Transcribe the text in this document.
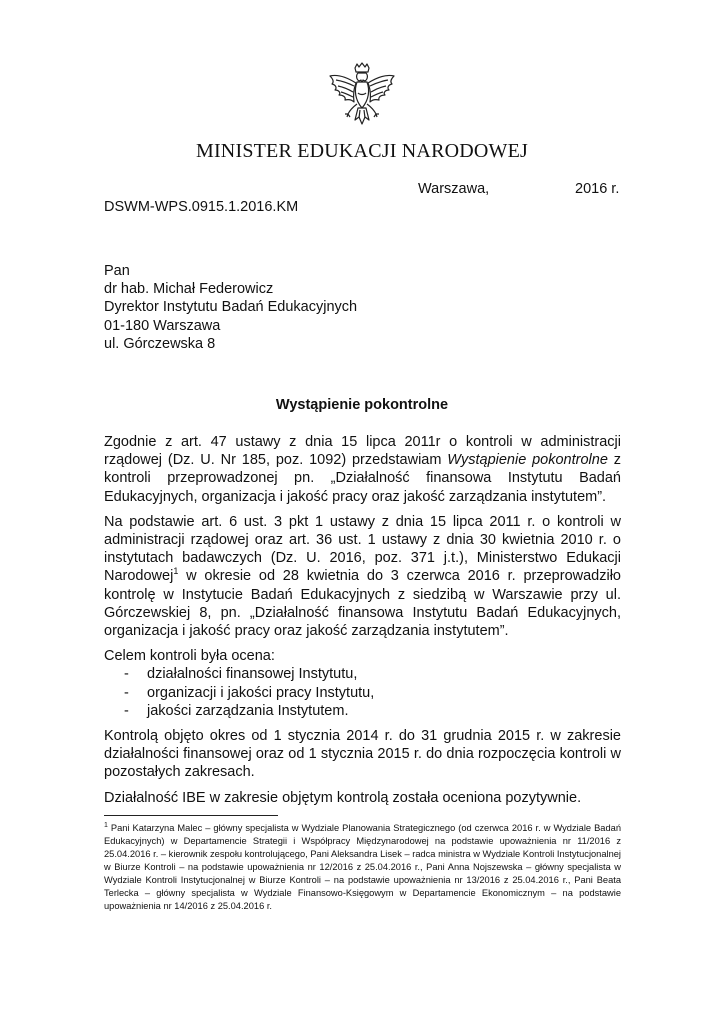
MINISTER EDUKACJI NARODOWEJ
Warszawa,	2016 r.
DSWM-WPS.0915.1.2016.KM
Pan
dr hab. Michał Federowicz
Dyrektor Instytutu Badań Edukacyjnych
01-180 Warszawa
ul. Górczewska 8
Wystąpienie pokontrolne

Zgodnie z art. 47 ustawy z dnia 15 lipca 2011r o kontroli w administracji rządowej (Dz. U. Nr 185, poz. 1092) przedstawiam Wystąpienie pokontrolne z kontroli przeprowadzonej pn. „Działalność finansowa Instytutu Badań Edukacyjnych, organizacja i jakość pracy oraz jakość zarządzania instytutem”.

Na podstawie art. 6 ust. 3 pkt 1 ustawy z dnia 15 lipca 2011 r. o kontroli w administracji rządowej oraz art. 36 ust. 1 ustawy z dnia 30 kwietnia 2010 r. o instytutach badawczych (Dz. U. 2016, poz. 371 j.t.), Ministerstwo Edukacji Narodowej$^1$ w okresie od 28 kwietnia do 3 czerwca 2016 r. przeprowadziło kontrolę w Instytucie Badań Edukacyjnych z siedzibą w Warszawie przy ul. Górczewskiej 8, pn. „Działalność finansowa Instytutu Badań Edukacyjnych, organizacja i jakość pracy oraz jakość zarządzania instytutem”.

Celem kontroli była ocena:

- działalności finansowej Instytutu,
- organizacji i jakości pracy Instytutu,
- jakości zarządzania Instytutem.

Kontrolą objęto okres od 1 stycznia 2014 r. do 31 grudnia 2015 r. w zakresie działalności finansowej oraz od 1 stycznia 2015 r. do dnia rozpoczęcia kontroli w pozostałych zakresach.

Działalność IBE w zakresie objętym kontrolą została oceniona pozytywnie.

$^1$ Pani Katarzyna Malec – główny specjalista w Wydziale Planowania Strategicznego (od czerwca 2016 r. w Wydziale Badań Edukacyjnych) w Departamencie Strategii i Współpracy Międzynarodowej na podstawie upoważnienia nr 11/2016 z 25.04.2016 r. – kierownik zespołu kontrolującego, Pani Aleksandra Lisek – radca ministra w Wydziale Kontroli Instytucjonalnej w Biurze Kontroli – na podstawie upoważnienia nr 12/2016 z 25.04.2016 r., Pani Anna Nojszewska – główny specjalista w Wydziale Kontroli Instytucjonalnej w Biurze Kontroli – na podstawie upoważnienia nr 13/2016 z 25.04.2016 r., Pani Beata Terlecka – główny specjalista w Wydziale Finansowo-Księgowym w Departamencie Ekonomicznym – na podstawie upoważnienia nr 14/2016 z 25.04.2016 r.
